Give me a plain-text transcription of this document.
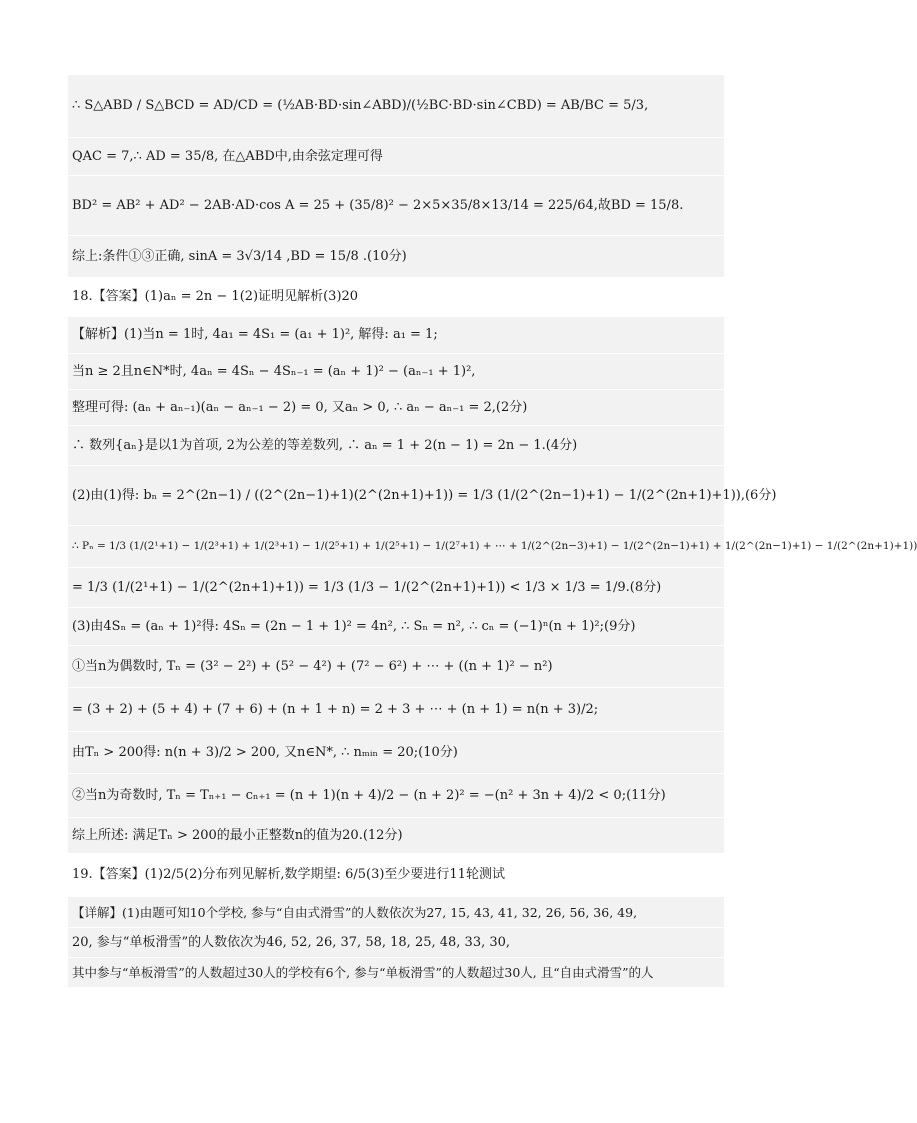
∴ S△ABD / S△BCD = AD/CD = (½AB·BD·sin∠ABD)/(½BC·BD·sin∠CBD) = AB/BC = 5/3,
QAC = 7,∴ AD = 35/8, 在△ABD中,由余弦定理可得
BD² = AB² + AD² − 2AB·AD·cos A = 25 + (35/8)² − 2×5×35/8×13/14 = 225/64,故BD = 15/8.
综上:条件①③正确, sinA = 3√3/14 ,BD = 15/8 .(10分)
18.【答案】(1)aₙ = 2n − 1(2)证明见解析(3)20
【解析】(1)当n = 1时, 4a₁ = 4S₁ = (a₁ + 1)², 解得: a₁ = 1;
当n ≥ 2且n∈N*时, 4aₙ = 4Sₙ − 4Sₙ₋₁ = (aₙ + 1)² − (aₙ₋₁ + 1)²,
整理可得: (aₙ + aₙ₋₁)(aₙ − aₙ₋₁ − 2) = 0, 又aₙ > 0, ∴ aₙ − aₙ₋₁ = 2,(2分)
∴ 数列{aₙ}是以1为首项, 2为公差的等差数列, ∴ aₙ = 1 + 2(n − 1) = 2n − 1.(4分)
(2)由(1)得: bₙ = 2^(2n−1) / ((2^(2n−1)+1)(2^(2n+1)+1)) = 1/3 (1/(2^(2n−1)+1) − 1/(2^(2n+1)+1)),(6分)
∴ Pₙ = 1/3 (1/(2¹+1) − 1/(2³+1) + 1/(2³+1) − 1/(2⁵+1) + 1/(2⁵+1) − 1/(2⁷+1) + ⋯ + 1/(2^(2n−3)+1) − 1/(2^(2n−1)+1) + 1/(2^(2n−1)+1) − 1/(2^(2n+1)+1))
= 1/3 (1/(2¹+1) − 1/(2^(2n+1)+1)) = 1/3 (1/3 − 1/(2^(2n+1)+1)) < 1/3 × 1/3 = 1/9.(8分)
(3)由4Sₙ = (aₙ + 1)²得: 4Sₙ = (2n − 1 + 1)² = 4n², ∴ Sₙ = n², ∴ cₙ = (−1)ⁿ(n + 1)²;(9分)
①当n为偶数时, Tₙ = (3² − 2²) + (5² − 4²) + (7² − 6²) + ⋯ + ((n + 1)² − n²)
= (3 + 2) + (5 + 4) + (7 + 6) + (n + 1 + n) = 2 + 3 + ⋯ + (n + 1) = n(n + 3)/2;
由Tₙ > 200得: n(n + 3)/2 > 200, 又n∈N*, ∴ nₘᵢₙ = 20;(10分)
②当n为奇数时, Tₙ = Tₙ₊₁ − cₙ₊₁ = (n + 1)(n + 4)/2 − (n + 2)² = −(n² + 3n + 4)/2 < 0;(11分)
综上所述: 满足Tₙ > 200的最小正整数n的值为20.(12分)
19.【答案】(1)2/5(2)分布列见解析,数学期望: 6/5(3)至少要进行11轮测试
【详解】(1)由题可知10个学校, 参与“自由式滑雪”的人数依次为27, 15, 43, 41, 32, 26, 56, 36, 49,
20, 参与“单板滑雪”的人数依次为46, 52, 26, 37, 58, 18, 25, 48, 33, 30,
其中参与“单板滑雪”的人数超过30人的学校有6个, 参与“单板滑雪”的人数超过30人, 且“自由式滑雪”的人
